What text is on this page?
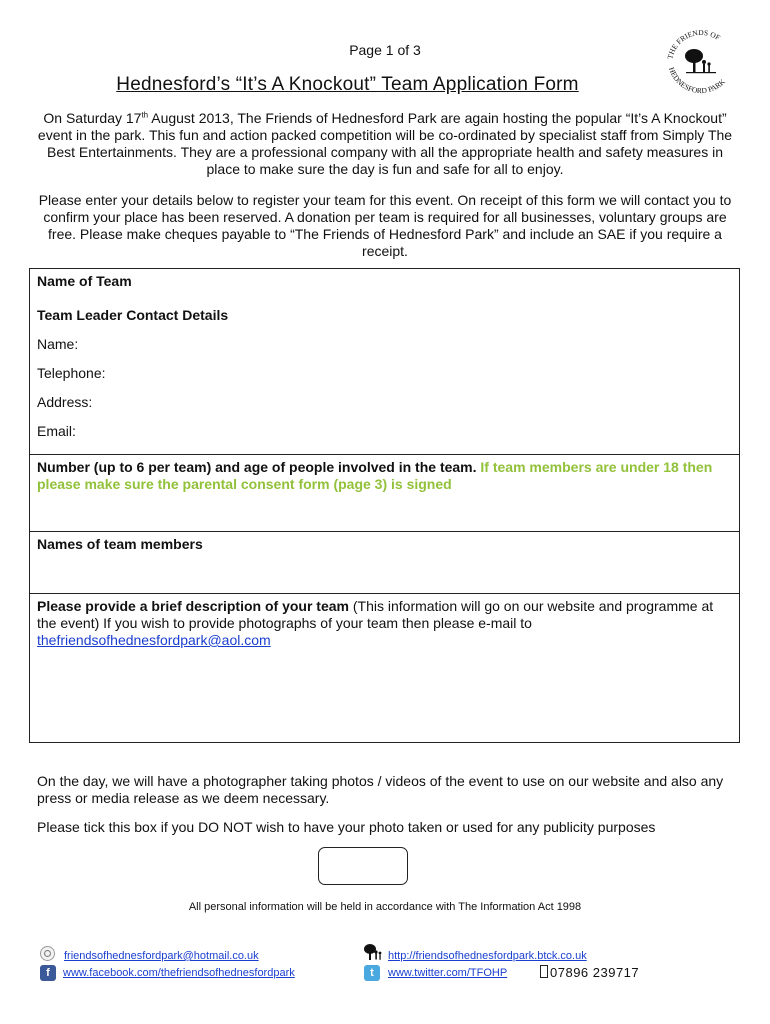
Page 1 of 3	THE FRIENDS OF
HEDNESFORD PARK
Hednesford’s “It’s A Knockout” Team Application Form
On Saturday 17th August 2013, The Friends of Hednesford Park are again hosting the popular “It’s A Knockout” event in the park. This fun and action packed competition will be co-ordinated by specialist staff from Simply The Best Entertainments. They are a professional company with all the appropriate health and safety measures in place to make sure the day is fun and safe for all to enjoy.
Please enter your details below to register your team for this event. On receipt of this form we will contact you to confirm your place has been reserved. A donation per team is required for all businesses, voluntary groups are free. Please make cheques payable to “The Friends of Hednesford Park” and include an SAE if you require a receipt.
Name of Team
Team Leader Contact Details
Name:
Telephone:
Address:
Email:
Number (up to 6 per team) and age of people involved in the team. If team members are under 18 then please make sure the parental consent form (page 3) is signed
Names of team members
Please provide a brief description of your team (This information will go on our website and programme at the event) If you wish to provide photographs of your team then please e-mail to
thefriendsofhednesfordpark@aol.com
On the day, we will have a photographer taking photos / videos of the event to use on our website and also any press or media release as we deem necessary.
Please tick this box if you DO NOT wish to have your photo taken or used for any publicity purposes
All personal information will be held in accordance with The Information Act 1998
friendsofhednesfordpark@hotmail.co.uk
f	www.facebook.com/thefriendsofhednesfordpark
http://friendsofhednesfordpark.btck.co.uk
t	www.twitter.com/TFOHP	07896 239717
